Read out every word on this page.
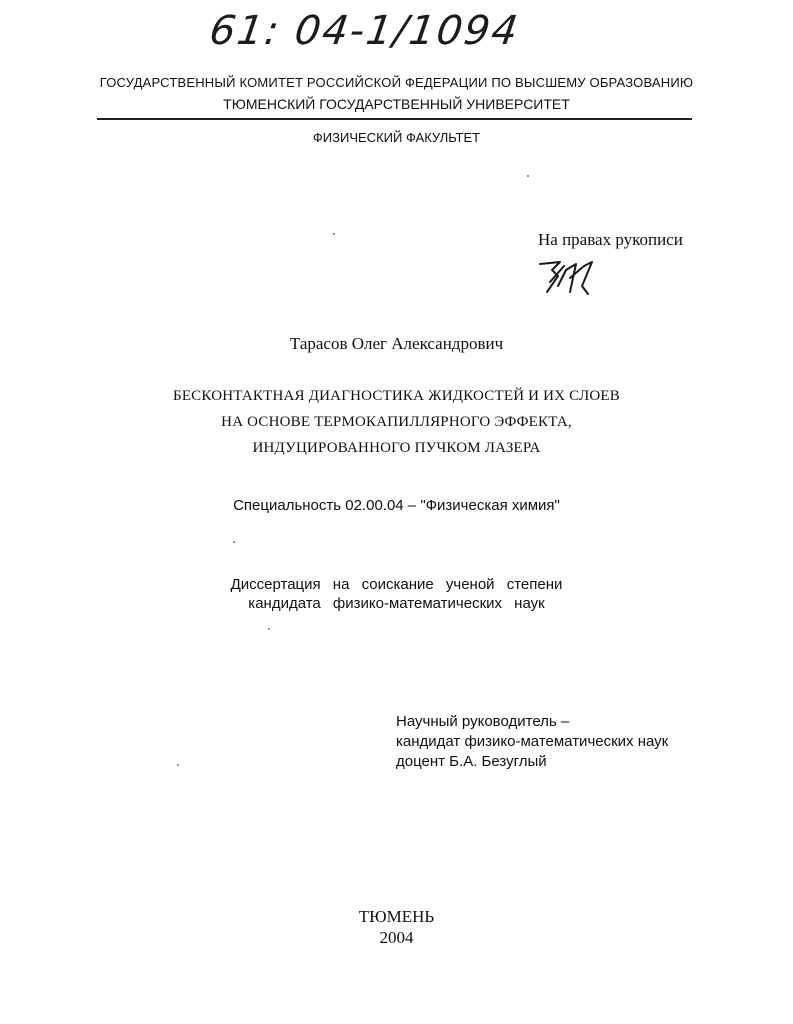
61: 04-1/1094
ГОСУДАРСТВЕННЫЙ КОМИТЕТ РОССИЙСКОЙ ФЕДЕРАЦИИ ПО ВЫСШЕМУ ОБРАЗОВАНИЮ
ТЮМЕНСКИЙ ГОСУДАРСТВЕННЫЙ УНИВЕРСИТЕТ
ФИЗИЧЕСКИЙ ФАКУЛЬТЕТ
На правах рукописи
Тарасов Олег Александрович
БЕСКОНТАКТНАЯ ДИАГНОСТИКА ЖИДКОСТЕЙ И ИХ СЛОЕВ
НА ОСНОВЕ ТЕРМОКАПИЛЛЯРНОГО ЭФФЕКТА,
ИНДУЦИРОВАННОГО ПУЧКОМ ЛАЗЕРА
Специальность 02.00.04 – "Физическая химия"
Диссертация на соискание ученой степени
кандидата физико-математических наук
Научный руководитель –
кандидат физико-математических наук
доцент Б.А. Безуглый
ТЮМЕНЬ
2004
